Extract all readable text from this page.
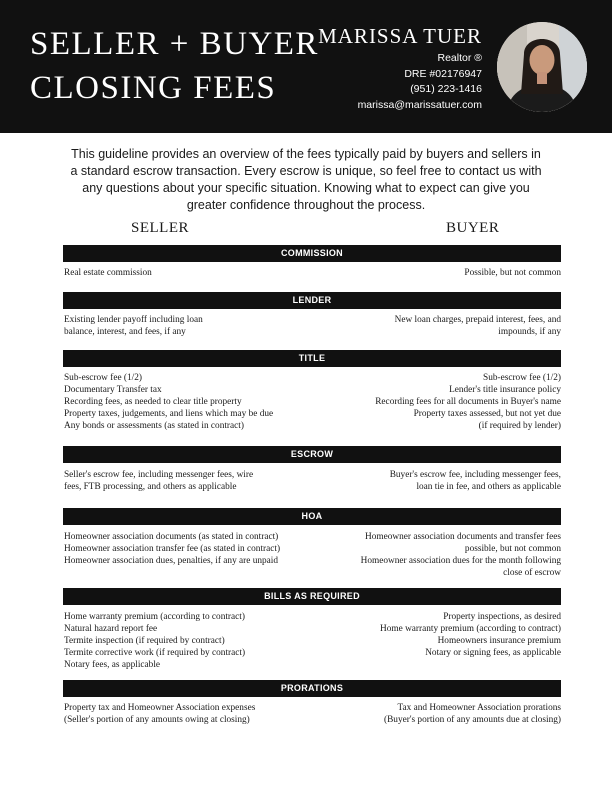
SELLER + BUYER
CLOSING FEES
MARISSA TUER
Realtor ®
DRE #02176947
(951) 223-1416
marissa@marissatuer.com
This guideline provides an overview of the fees typically paid by buyers and sellers in a standard escrow transaction. Every escrow is unique, so feel free to contact us with any questions about your specific situation. Knowing what to expect can give you greater confidence throughout the process.
SELLER	BUYER
COMMISSION
Real estate commission	Possible, but not common
LENDER
Existing lender payoff including loan
balance, interest, and fees, if any
New loan charges, prepaid interest, fees, and
impounds, if any
TITLE
Sub-escrow fee (1/2)
Documentary Transfer tax
Recording fees, as needed to clear title property
Property taxes, judgements, and liens which may be due
Any bonds or assessments (as stated in contract)
Sub-escrow fee (1/2)
Lender's title insurance policy
Recording fees for all documents in Buyer's name
Property taxes assessed, but not yet due
(if required by lender)
ESCROW
Seller's escrow fee, including messenger fees, wire
fees, FTB processing, and others as applicable
Buyer's escrow fee, including messenger fees,
loan tie in fee, and others as applicable
HOA
Homeowner association documents (as stated in contract)
Homeowner association transfer fee (as stated in contract)
Homeowner association dues, penalties, if any are unpaid
Homeowner association documents and transfer fees
possible, but not common
Homeowner association dues for the month following
close of escrow
BILLS AS REQUIRED
Home warranty premium (according to contract)
Natural hazard report fee
Termite inspection (if required by contract)
Termite corrective work (if required by contract)
Notary fees, as applicable
Property inspections, as desired
Home warranty premium (according to contract)
Homeowners insurance premium
Notary or signing fees, as applicable
PRORATIONS
Property tax and Homeowner Association expenses
(Seller's portion of any amounts owing at closing)
Tax and Homeowner Association prorations
(Buyer's portion of any amounts due at closing)
